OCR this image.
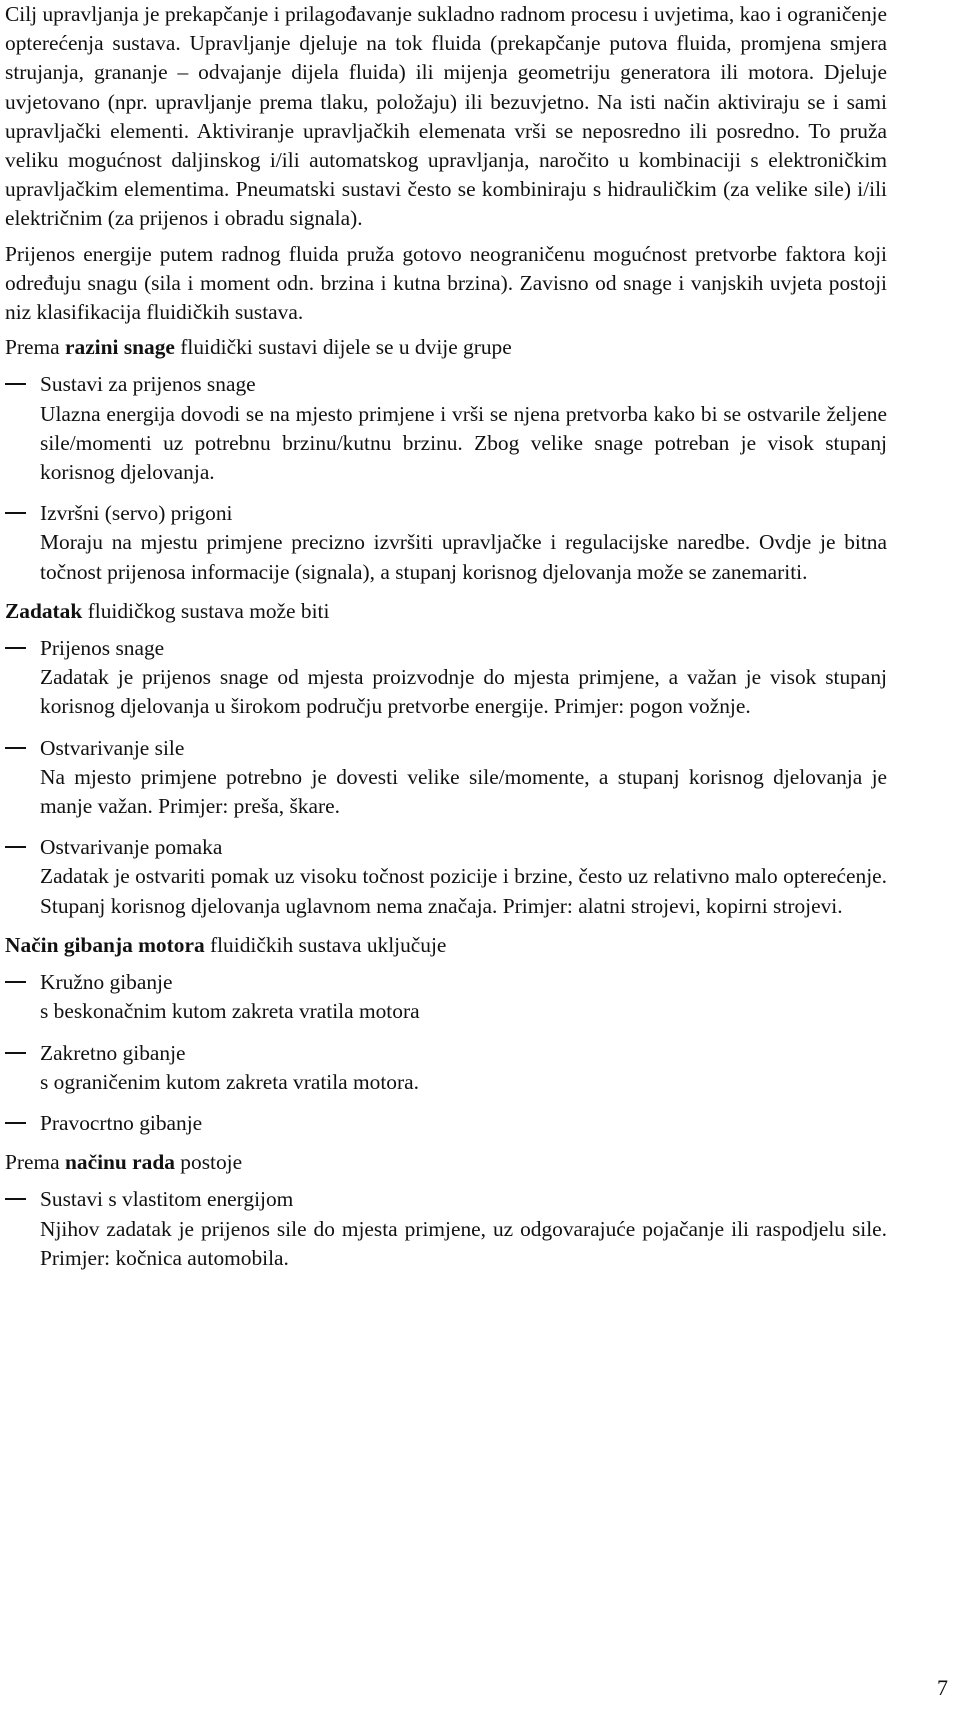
Cilj upravljanja je prekapčanje i prilagođavanje sukladno radnom procesu i uvjetima, kao i ograničenje opterećenja sustava. Upravljanje djeluje na tok fluida (prekapčanje putova fluida, promjena smjera strujanja, grananje – odvajanje dijela fluida) ili mijenja geometriju generatora ili motora. Djeluje uvjetovano (npr. upravljanje prema tlaku, položaju) ili bezuvjetno. Na isti način aktiviraju se i sami upravljački elementi. Aktiviranje upravljačkih elemenata vrši se neposredno ili posredno. To pruža veliku mogućnost daljinskog i/ili automatskog upravljanja, naročito u kombinaciji s elektroničkim upravljačkim elementima. Pneumatski sustavi često se kombiniraju s hidrauličkim (za velike sile) i/ili električnim (za prijenos i obradu signala).

Prijenos energije putem radnog fluida pruža gotovo neograničenu mogućnost pretvorbe faktora koji određuju snagu (sila i moment odn. brzina i kutna brzina). Zavisno od snage i vanjskih uvjeta postoji niz klasifikacija fluidičkih sustava.

Prema razini snage fluidički sustavi dijele se u dvije grupe

Sustavi za prijenos snage

Ulazna energija dovodi se na mjesto primjene i vrši se njena pretvorba kako bi se ostvarile željene sile/momenti uz potrebnu brzinu/kutnu brzinu. Zbog velike snage potreban je visok stupanj korisnog djelovanja.

Izvršni (servo) prigoni

Moraju na mjestu primjene precizno izvršiti upravljačke i regulacijske naredbe. Ovdje je bitna točnost prijenosa informacije (signala), a stupanj korisnog djelovanja može se zanemariti.

Zadatak fluidičkog sustava može biti

Prijenos snage

Zadatak je prijenos snage od mjesta proizvodnje do mjesta primjene, a važan je visok stupanj korisnog djelovanja u širokom području pretvorbe energije. Primjer: pogon vožnje.

Ostvarivanje sile

Na mjesto primjene potrebno je dovesti velike sile/momente, a stupanj korisnog djelovanja je manje važan. Primjer: preša, škare.

Ostvarivanje pomaka

Zadatak je ostvariti pomak uz visoku točnost pozicije i brzine, često uz relativno malo opterećenje. Stupanj korisnog djelovanja uglavnom nema značaja. Primjer: alatni strojevi, kopirni strojevi.

Način gibanja motora fluidičkih sustava uključuje

Kružno gibanje

s beskonačnim kutom zakreta vratila motora

Zakretno gibanje

s ograničenim kutom zakreta vratila motora.

Pravocrtno gibanje

Prema načinu rada postoje

Sustavi s vlastitom energijom

Njihov zadatak je prijenos sile do mjesta primjene, uz odgovarajuće pojačanje ili raspodjelu sile. Primjer: kočnica automobila.

7
